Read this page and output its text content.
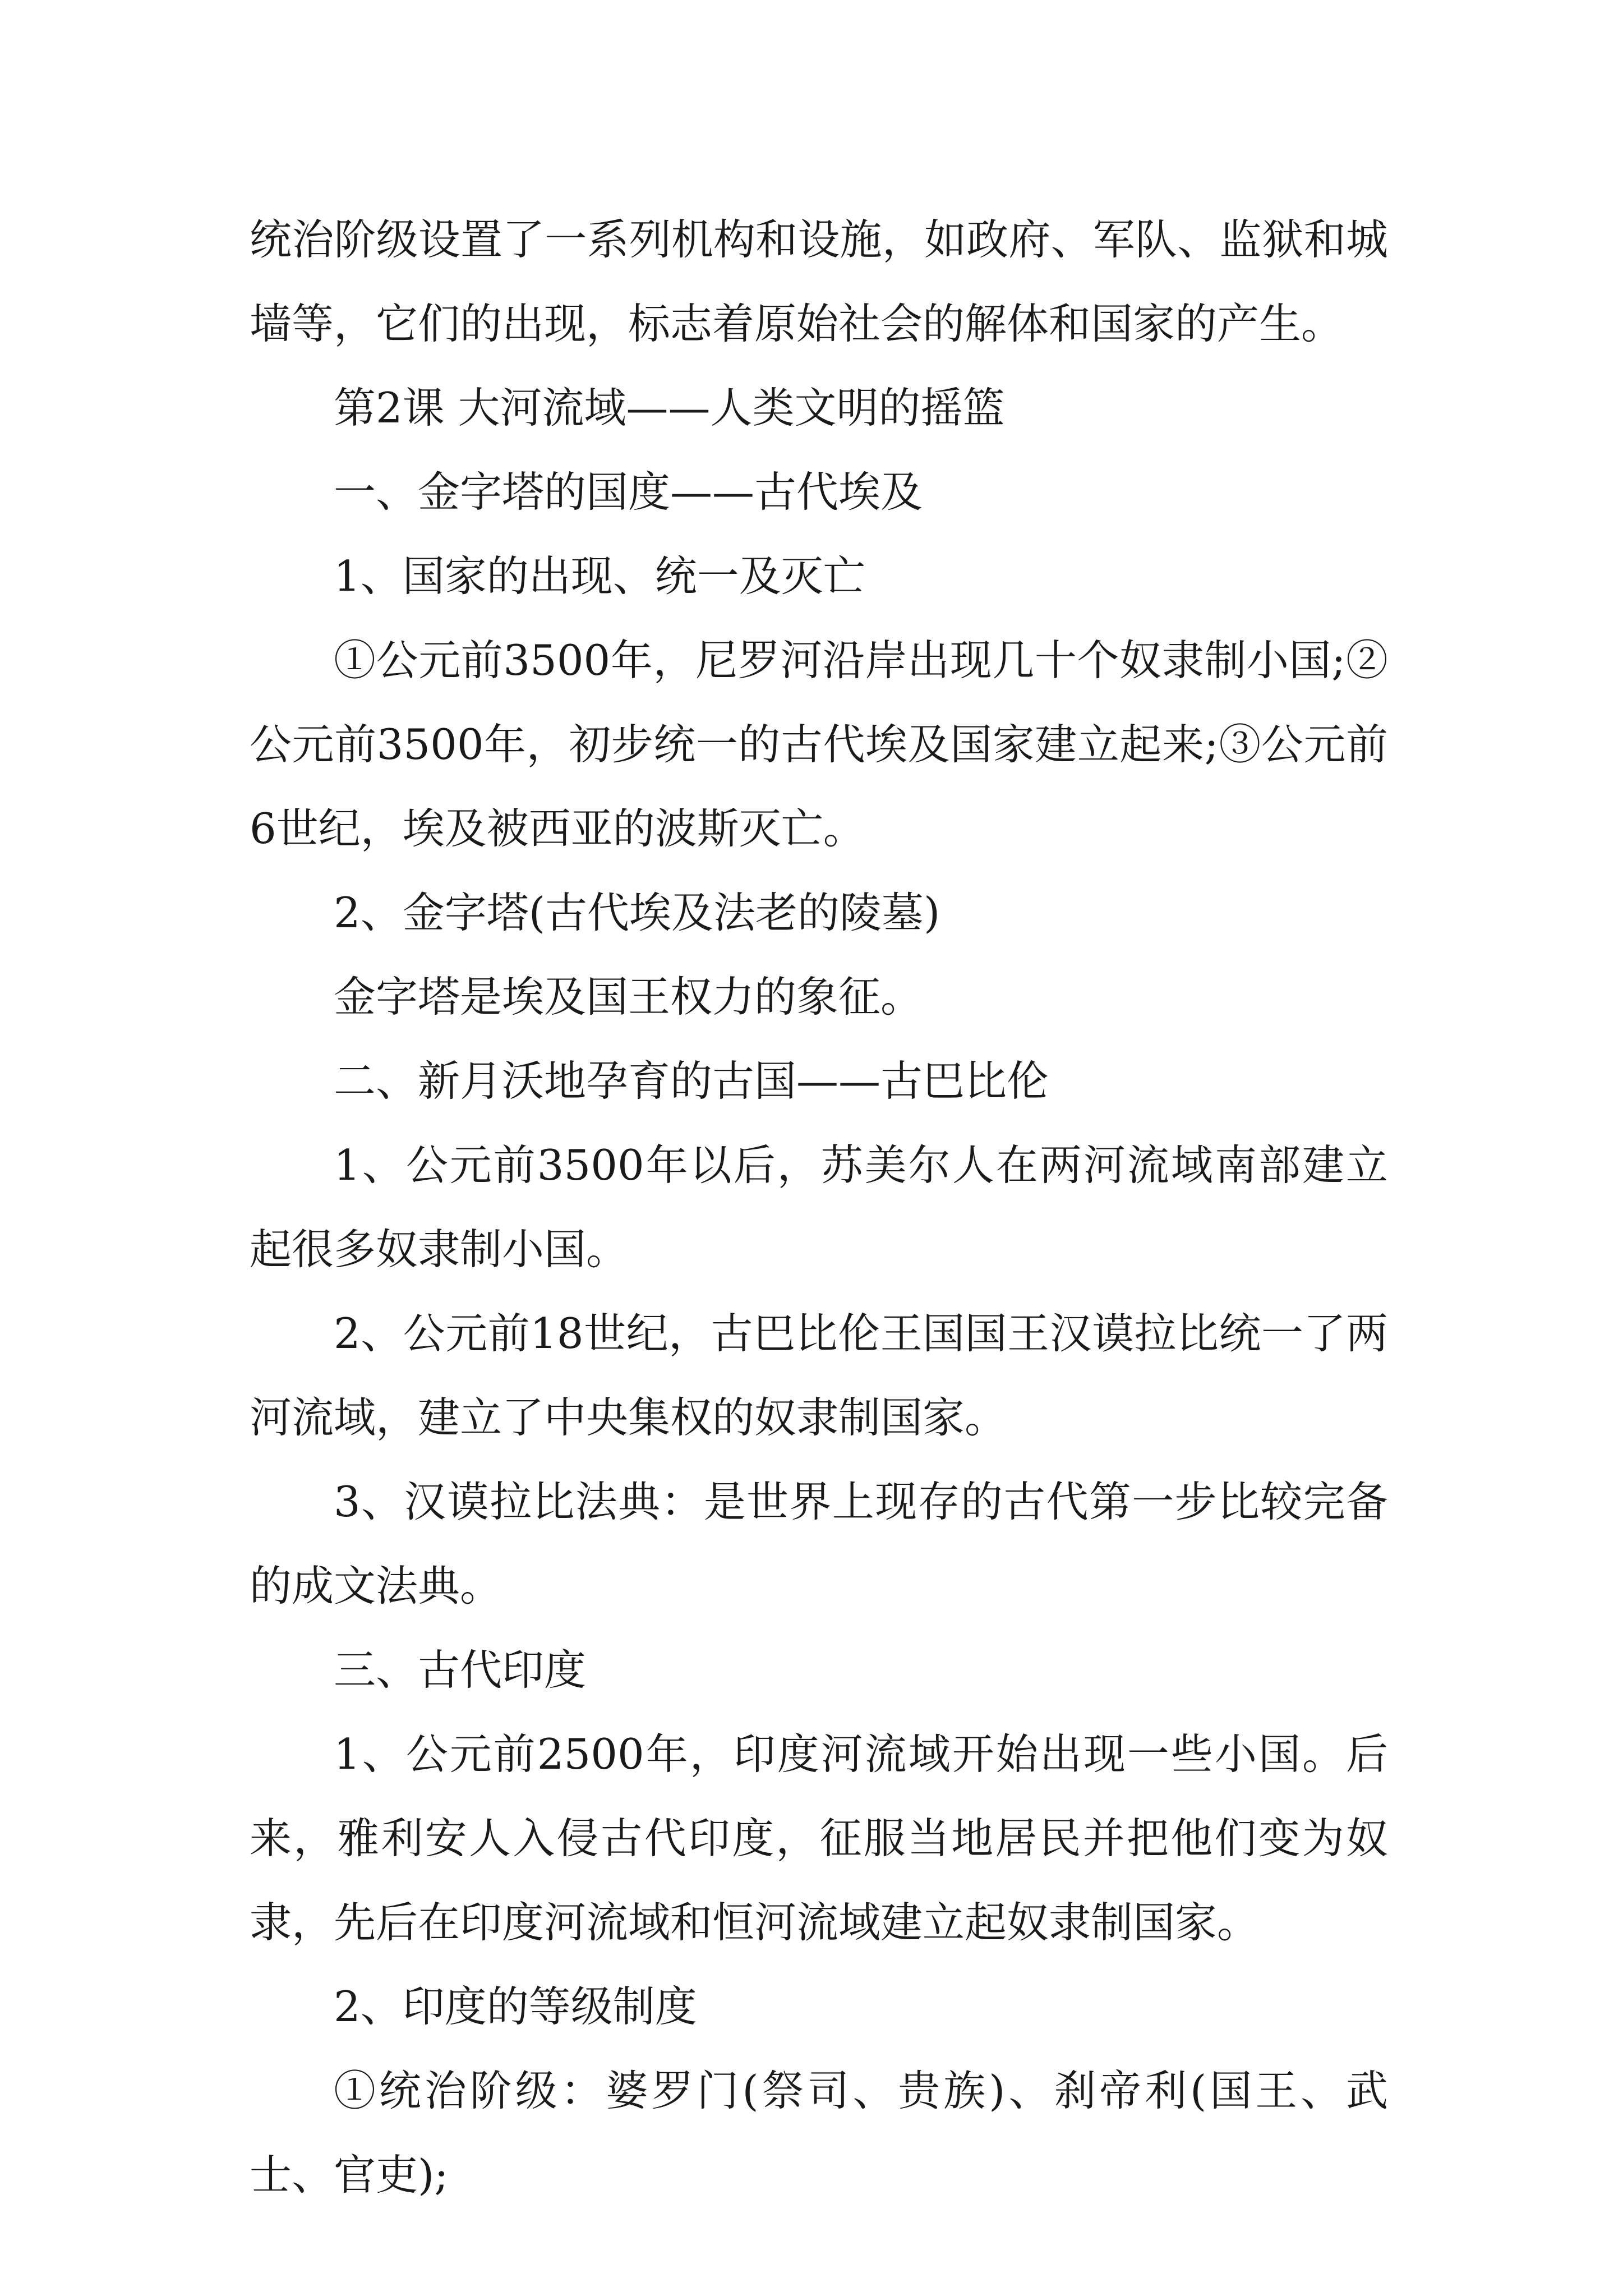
统治阶级设置了一系列机构和设施，如政府、军队、监狱和城墙等，它们的出现，标志着原始社会的解体和国家的产生。

第2课 大河流域——人类文明的摇篮

一、金字塔的国度——古代埃及

1、国家的出现、统一及灭亡

①公元前3500年，尼罗河沿岸出现几十个奴隶制小国;②公元前3500年，初步统一的古代埃及国家建立起来;③公元前6世纪，埃及被西亚的波斯灭亡。

2、金字塔(古代埃及法老的陵墓)

金字塔是埃及国王权力的象征。

二、新月沃地孕育的古国——古巴比伦

1、公元前3500年以后，苏美尔人在两河流域南部建立起很多奴隶制小国。

2、公元前18世纪，古巴比伦王国国王汉谟拉比统一了两河流域，建立了中央集权的奴隶制国家。

3、汉谟拉比法典：是世界上现存的古代第一步比较完备的成文法典。

三、古代印度

1、公元前2500年，印度河流域开始出现一些小国。后来，雅利安人入侵古代印度，征服当地居民并把他们变为奴隶，先后在印度河流域和恒河流域建立起奴隶制国家。

2、印度的等级制度

①统治阶级：婆罗门(祭司、贵族)、刹帝利(国王、武士、官吏);
